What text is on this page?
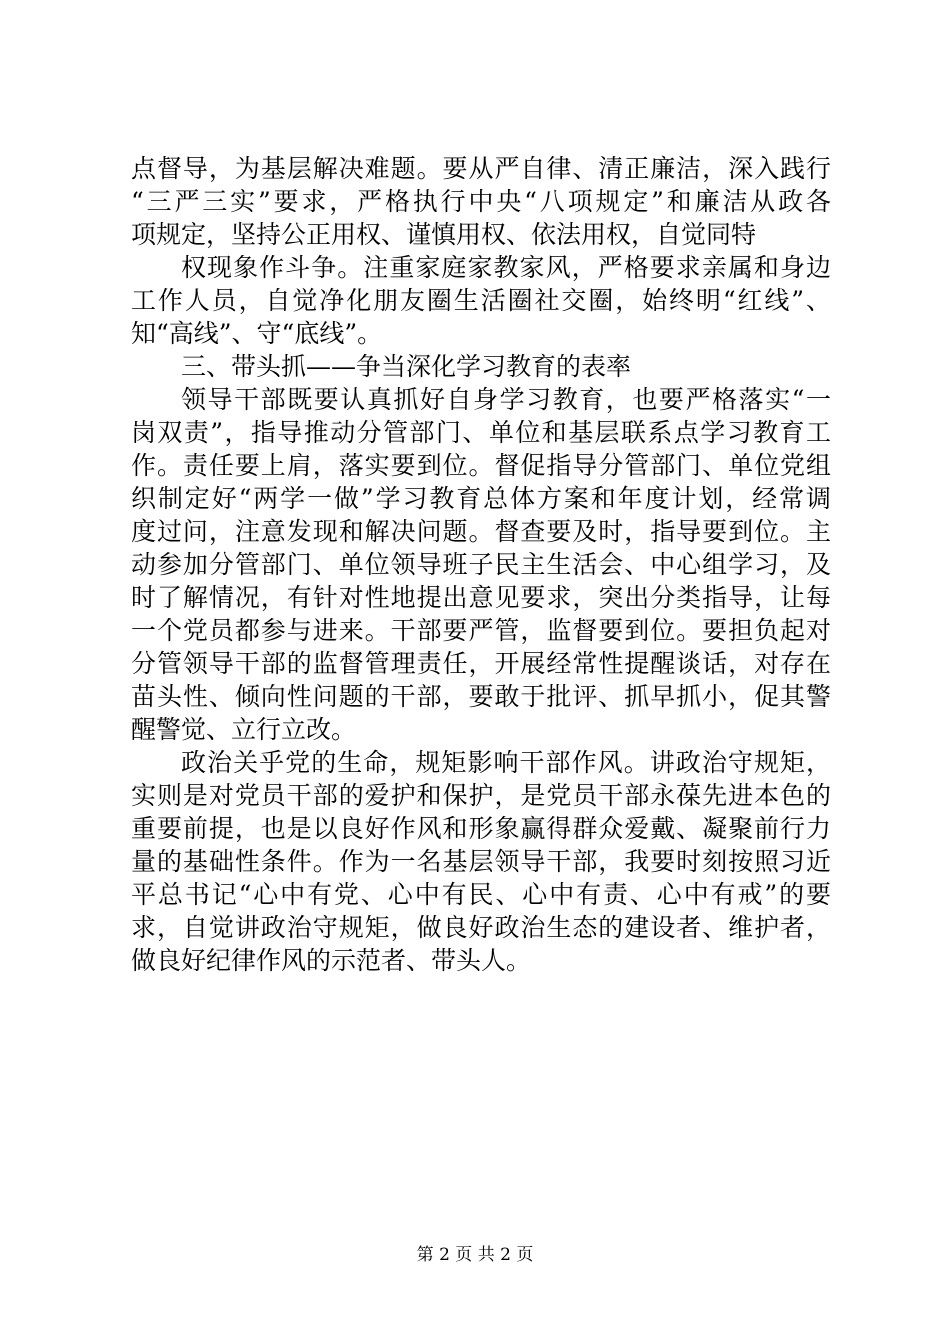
点督导，为基层解决难题。要从严自律、清正廉洁，深入践行
“三严三实”要求，严格执行中央“八项规定”和廉洁从政各
项规定，坚持公正用权、谨慎用权、依法用权，自觉同特
权现象作斗争。注重家庭家教家风，严格要求亲属和身边
工作人员，自觉净化朋友圈生活圈社交圈，始终明“红线”、
知“高线”、守“底线”。
三、带头抓——争当深化学习教育的表率
领导干部既要认真抓好自身学习教育，也要严格落实“一
岗双责”，指导推动分管部门、单位和基层联系点学习教育工
作。责任要上肩，落实要到位。督促指导分管部门、单位党组
织制定好“两学一做”学习教育总体方案和年度计划，经常调
度过问，注意发现和解决问题。督查要及时，指导要到位。主
动参加分管部门、单位领导班子民主生活会、中心组学习，及
时了解情况，有针对性地提出意见要求，突出分类指导，让每
一个党员都参与进来。干部要严管，监督要到位。要担负起对
分管领导干部的监督管理责任，开展经常性提醒谈话，对存在
苗头性、倾向性问题的干部，要敢于批评、抓早抓小，促其警
醒警觉、立行立改。
政治关乎党的生命，规矩影响干部作风。讲政治守规矩，
实则是对党员干部的爱护和保护，是党员干部永葆先进本色的
重要前提，也是以良好作风和形象赢得群众爱戴、凝聚前行力
量的基础性条件。作为一名基层领导干部，我要时刻按照习近
平总书记“心中有党、心中有民、心中有责、心中有戒”的要
求，自觉讲政治守规矩，做良好政治生态的建设者、维护者，
做良好纪律作风的示范者、带头人。
第 2 页 共 2 页
